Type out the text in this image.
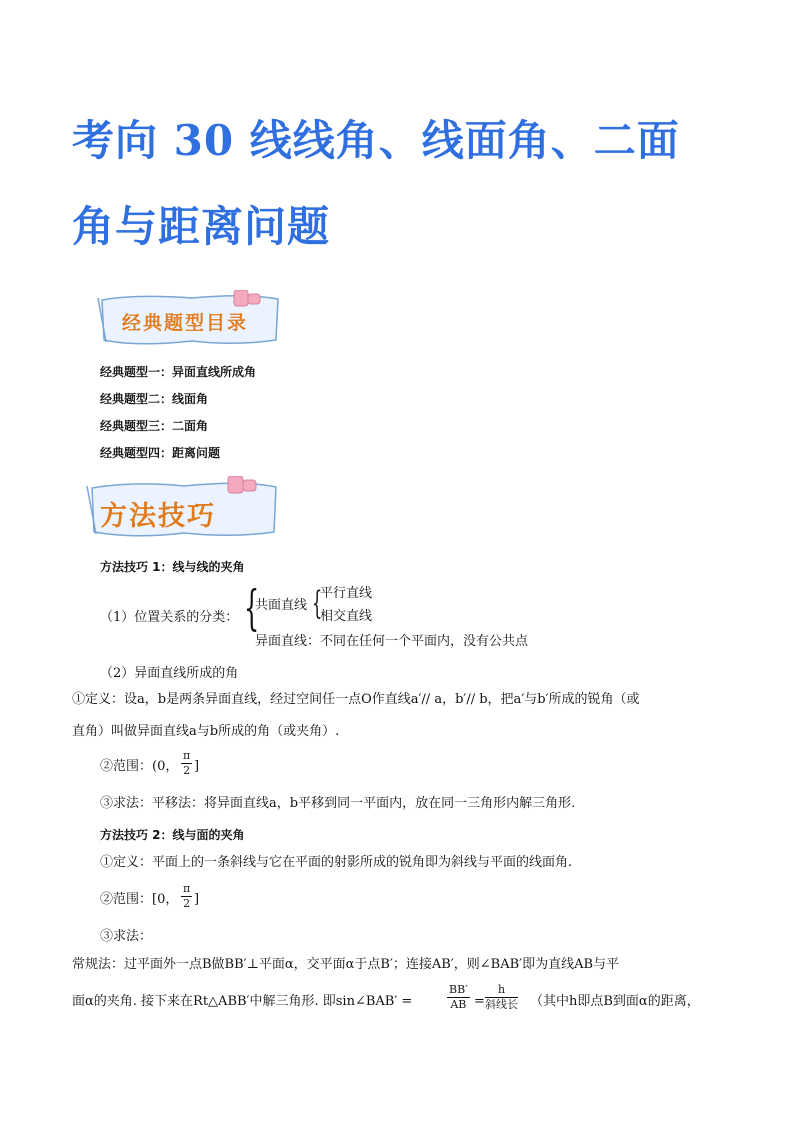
考向 30 线线角、线面角、二面
角与距离问题
经典题型目录
经典题型一：异面直线所成角
经典题型二：线面角
经典题型三：二面角
经典题型四：距离问题
方法技巧
方法技巧 1：线与线的夹角
（1）位置关系的分类： {
共面直线 {
平行直线
相交直线
异面直线：不同在任何一个平面内，没有公共点
（2）异面直线所成的角
①定义：设a，b是两条异面直线，经过空间任一点O作直线a′// a，b′// b，把a′与b′所成的锐角（或
直角）叫做异面直线a与b所成的角（或夹角）.
②范围：(0， $\frac{\pi}{2}$ ]
③求法：平移法：将异面直线a，b平移到同一平面内，放在同一三角形内解三角形.
方法技巧 2：线与面的夹角
①定义：平面上的一条斜线与它在平面的射影所成的锐角即为斜线与平面的线面角.
②范围：[0， $\frac{\pi}{2}$ ]
③求法：
常规法：过平面外一点B做BB′⊥平面α，交平面α于点B′；连接AB′，则∠BAB′即为直线AB与平
面α的夹角. 接下来在Rt△ABB′中解三角形. 即sin∠BAB′ =	$\frac{BB'}{AB}$ =
h
斜线长 （其中h即点B到面α的距离，
